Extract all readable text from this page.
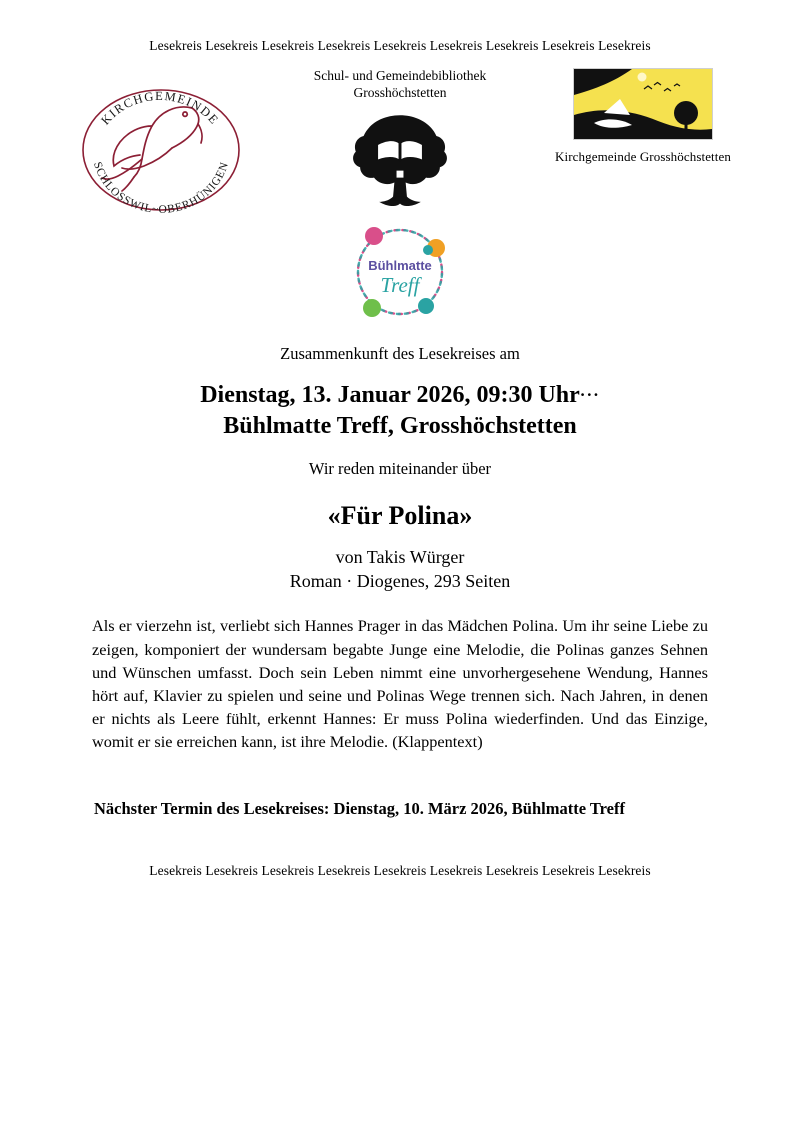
Lesekreis Lesekreis Lesekreis Lesekreis Lesekreis Lesekreis Lesekreis Lesekreis Lesekreis
KIRCHGEMEINDE
SCHLOSSWIL~OBERHÜNIGEN
Schul- und Gemeindebibliothek
Grosshöchstetten
Kirchgemeinde Grosshöchstetten
Bühlmatte
Treff
Zusammenkunft des Lesekreises am
Dienstag, 13. Januar 2026, 09:30 Uhr···
Bühlmatte Treff, Grosshöchstetten
Wir reden miteinander über
«Für Polina»
von Takis Würger
Roman · Diogenes, 293 Seiten
Als er vierzehn ist, verliebt sich Hannes Prager in das Mädchen Polina. Um ihr seine Liebe zu zeigen, komponiert der wundersam begabte Junge eine Melodie, die Polinas ganzes Sehnen und Wünschen umfasst. Doch sein Leben nimmt eine unvorhergesehene Wendung, Hannes hört auf, Klavier zu spielen und seine und Polinas Wege trennen sich. Nach Jahren, in denen er nichts als Leere fühlt, erkennt Hannes: Er muss Polina wiederfinden. Und das Einzige, womit er sie erreichen kann, ist ihre Melodie. (Klappentext)
Nächster Termin des Lesekreises: Dienstag, 10. März 2026, Bühlmatte Treff
Lesekreis Lesekreis Lesekreis Lesekreis Lesekreis Lesekreis Lesekreis Lesekreis Lesekreis
